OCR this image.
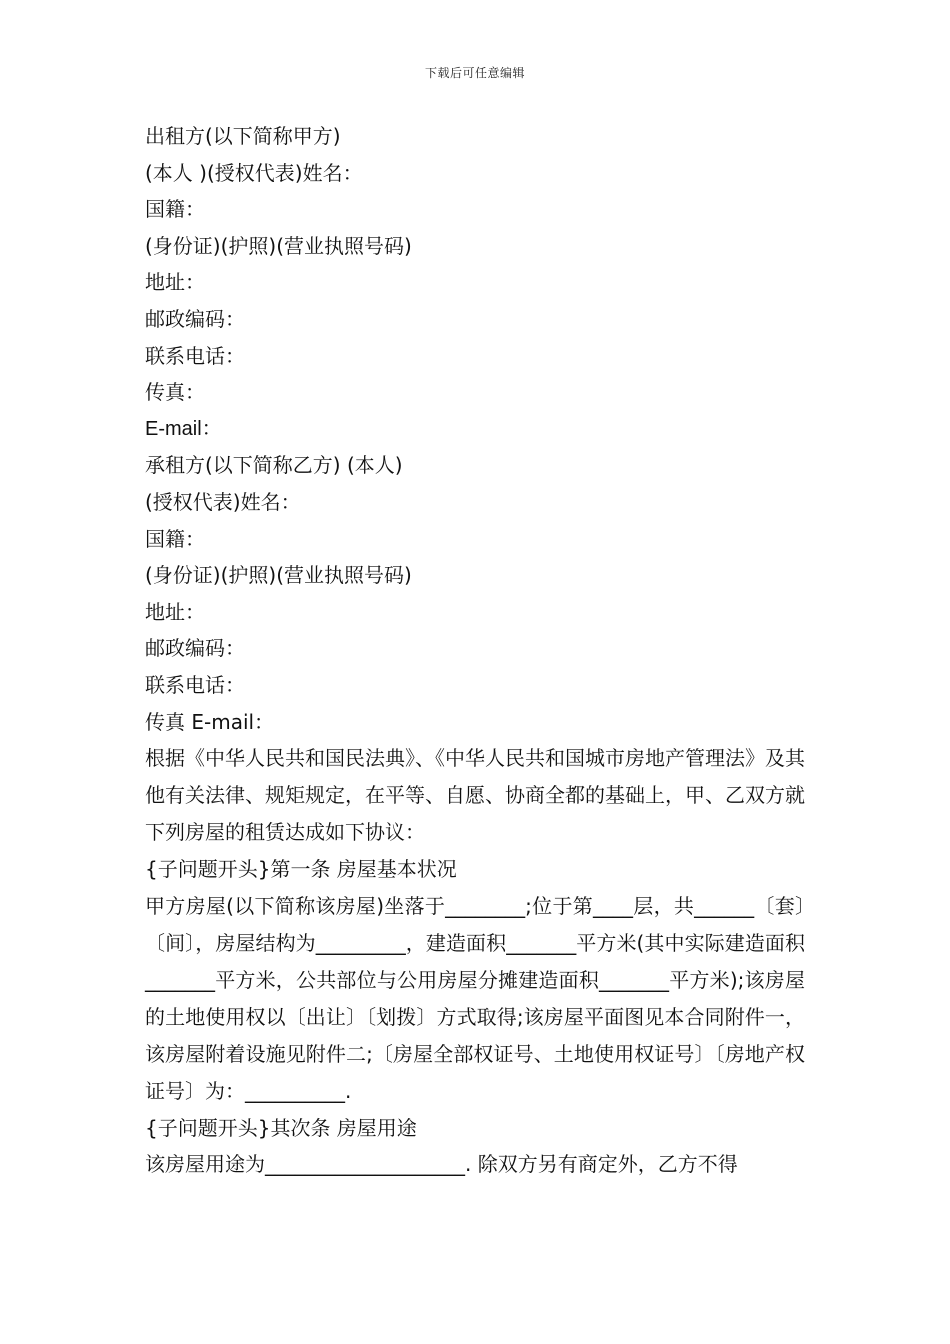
下载后可任意编辑
出租方(以下简称甲方)
(本人 )(授权代表)姓名：
国籍：
(身份证)(护照)(营业执照号码)
地址：
邮政编码：
联系电话：
传真：
E-mail：
承租方(以下简称乙方) (本人)
(授权代表)姓名：
国籍：
(身份证)(护照)(营业执照号码)
地址：
邮政编码：
联系电话：
传真 E-mail：
根据《中华人民共和国民法典》、《中华人民共和国城市房地产管理法》及其他有关法律、规矩规定，在平等、自愿、协商全都的基础上，甲、乙双方就下列房屋的租赁达成如下协议：
{子问题开头}第一条 房屋基本状况
甲方房屋(以下简称该房屋)坐落于________;位于第____层，共______〔套〕〔间〕，房屋结构为_________，建造面积_______平方米(其中实际建造面积_______平方米，公共部位与公用房屋分摊建造面积_______平方米);该房屋的土地使用权以〔出让〕〔划拨〕方式取得;该房屋平面图见本合同附件一，该房屋附着设施见附件二;〔房屋全部权证号、土地使用权证号〕〔房地产权证号〕为：__________.
{子问题开头}其次条 房屋用途
该房屋用途为____________________. 除双方另有商定外，乙方不得
